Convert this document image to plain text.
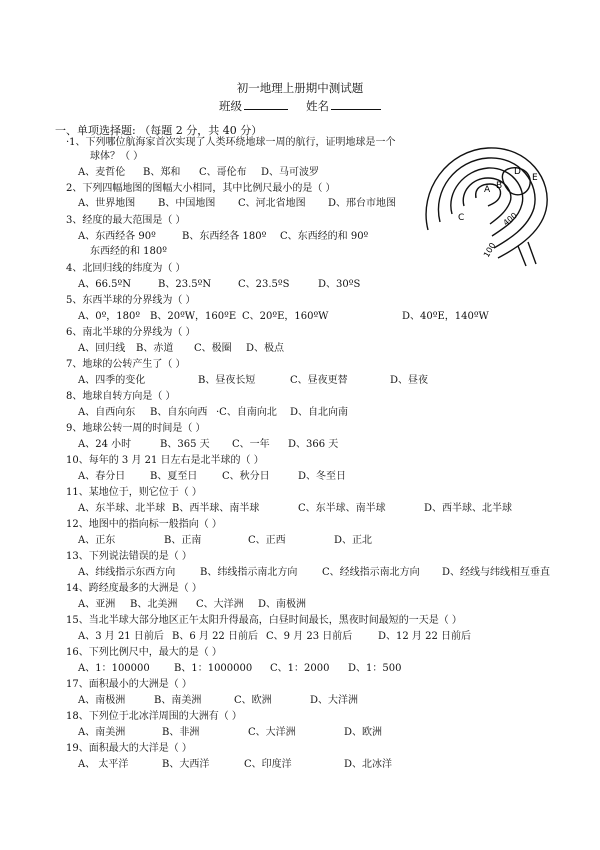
初一地理上册期中测试题
班级	姓名
一、单项选择题: （每题 2 分，共 40 分）
A B
C
D
E
400
100
·1、下列哪位航海家首次实现了人类环绕地球一周的航行，证明地球是一个
球体？（ ）
A、麦哲伦 B、郑和 C、哥伦布 D、马可波罗
2、下列四幅地图的图幅大小相同，其中比例尺最小的是（ ）
A、世界地图 B、中国地图 C、河北省地图 D、邢台市地图
3、经度的最大范围是（ ）
A、东西经各 90º	B、东西经各 180º C、东西经的和 90º
东西经的和 180º
4、北回归线的纬度为（ ）
A、66.5ºN	B、23.5ºN	C、23.5ºS	D、30ºS
5、东西半球的分界线为（ ）
A、0º，180º B、20ºW，160ºE C、20ºE，160ºW	D、40ºE，140ºW
6、南北半球的分界线为（ ）
A、回归线 B、赤道 C、极圈 D、极点
7、地球的公转产生了（ ）
A、四季的变化	B、昼夜长短	C、昼夜更替	D、昼夜
8、地球自转方向是（ ）
A、自西向东 B、自东向西 ·C、自南向北 D、自北向南
9、地球公转一周的时间是（ ）
A、24 小时	B、365 天 C、一年 D、366 天
10、每年的 3 月 21 日左右是北半球的（ ）
A、春分日 B、夏至日 C、秋分日	D、冬至日
11、某地位于，则它位于（ ）
A、东半球、北半球 B、西半球、南半球	C、东半球、南半球	D、西半球、北半球
12、地图中的指向标一般指向（ ）
A、正东	B、正南	C、正西	D、正北
13、下列说法错误的是（ ）
A、纬线指示东西方向 B、纬线指示南北方向 C、经线指示南北方向 D、经线与纬线相互垂直
14、跨经度最多的大洲是（ ）
A、亚洲 B、北美洲 C、大洋洲 D、南极洲
15、当北半球大部分地区正午太阳升得最高，白昼时间最长，黑夜时间最短的一天是（ ）
A、3 月 21 日前后 B、6 月 22 日前后 C、9 月 23 日前后	D、12 月 22 日前后
16、下列比例尺中，最大的是（ ）
A、1：100000 B、1：1000000 C、1：2000 D、1：500
17、面积最小的大洲是（ ）
A、南极洲	B、南美洲	C、欧洲	D、大洋洲
18、下列位于北冰洋周围的大洲有（ ）
A、南美洲	B、非洲	C、大洋洲	D、欧洲
19、面积最大的大洋是（ ）
A、 太平洋	B、大西洋	C、印度洋	D、北冰洋
